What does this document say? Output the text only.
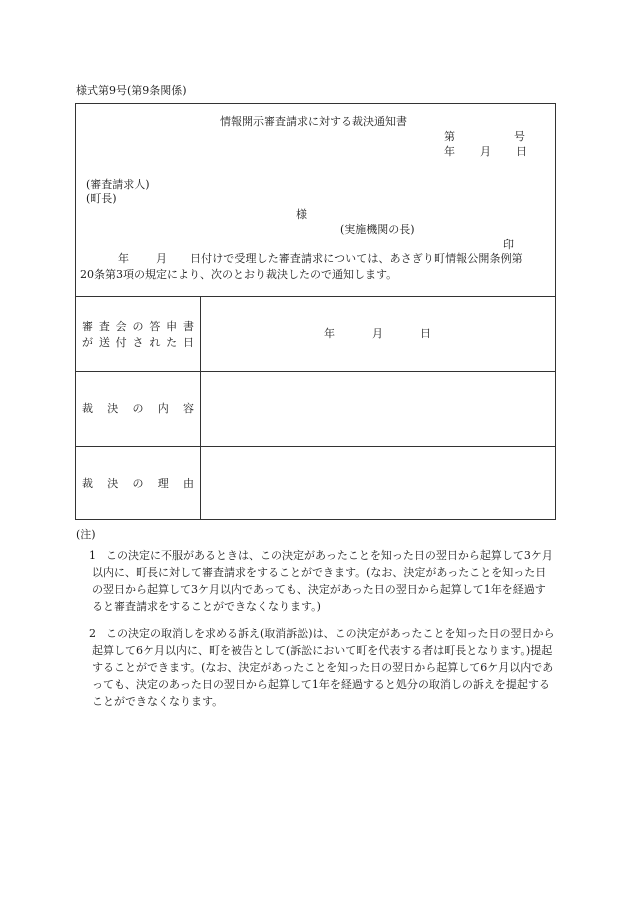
様式第9号(第9条関係)
情報開示審査請求に対する裁決通知書
第	号
年 月 日
(審査請求人)
(町長)
様
(実施機関の長)
印
年 月 日付けで受理した審査請求については、あさぎり町情報公開条例第
20条第3項の規定により、次のとおり裁決したので通知します。
審 査 会 の 答 申 書
が 送 付 さ れ た 日
年	月	日
裁 決 の 内 容
裁 決 の 理 由
(注)
1 この決定に不服があるときは、この決定があったことを知った日の翌日から起算して3ケ月以内に、町長に対して審査請求をすることができます。(なお、決定があったことを知った日の翌日から起算して3ケ月以内であっても、決定があった日の翌日から起算して1年を経過すると審査請求をすることができなくなります。)
2 この決定の取消しを求める訴え(取消訴訟)は、この決定があったことを知った日の翌日から起算して6ケ月以内に、町を被告として(訴訟において町を代表する者は町長となります。)提起することができます。(なお、決定があったことを知った日の翌日から起算して6ケ月以内であっても、決定のあった日の翌日から起算して1年を経過すると処分の取消しの訴えを提起することができなくなります。
